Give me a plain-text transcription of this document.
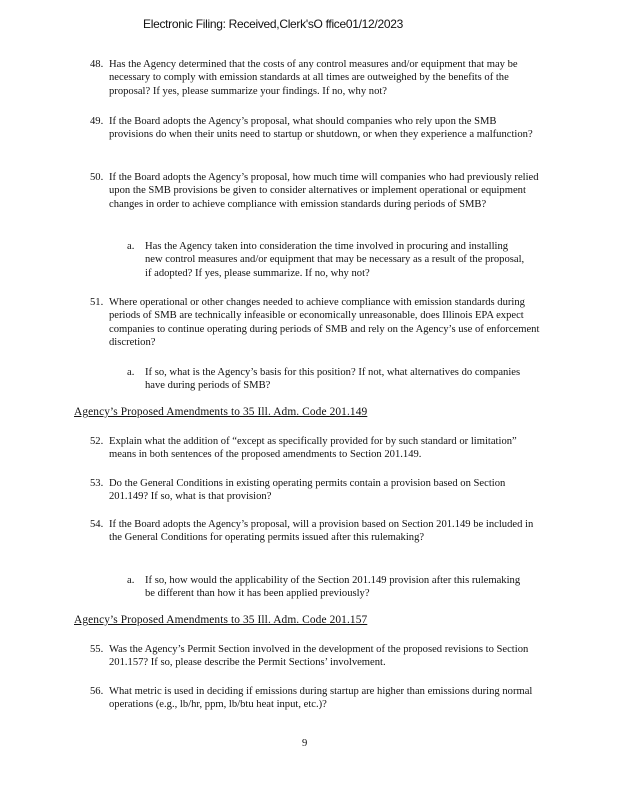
Electronic Filing: Received,Clerk'sO ffice01/12/2023
48. Has the Agency determined that the costs of any control measures and/or equipment that may be necessary to comply with emission standards at all times are outweighed by the benefits of the proposal? If yes, please summarize your findings. If no, why not?
49. If the Board adopts the Agency’s proposal, what should companies who rely upon the SMB provisions do when their units need to startup or shutdown, or when they experience a malfunction?
50. If the Board adopts the Agency’s proposal, how much time will companies who had previously relied upon the SMB provisions be given to consider alternatives or implement operational or equipment changes in order to achieve compliance with emission standards during periods of SMB?
a. Has the Agency taken into consideration the time involved in procuring and installing new control measures and/or equipment that may be necessary as a result of the proposal, if adopted? If yes, please summarize. If no, why not?
51. Where operational or other changes needed to achieve compliance with emission standards during periods of SMB are technically infeasible or economically unreasonable, does Illinois EPA expect companies to continue operating during periods of SMB and rely on the Agency’s use of enforcement discretion?
a. If so, what is the Agency’s basis for this position? If not, what alternatives do companies have during periods of SMB?
Agency’s Proposed Amendments to 35 Ill. Adm. Code 201.149
52. Explain what the addition of “except as specifically provided for by such standard or limitation” means in both sentences of the proposed amendments to Section 201.149.
53. Do the General Conditions in existing operating permits contain a provision based on Section 201.149? If so, what is that provision?
54. If the Board adopts the Agency’s proposal, will a provision based on Section 201.149 be included in the General Conditions for operating permits issued after this rulemaking?
a. If so, how would the applicability of the Section 201.149 provision after this rulemaking be different than how it has been applied previously?
Agency’s Proposed Amendments to 35 Ill. Adm. Code 201.157
55. Was the Agency’s Permit Section involved in the development of the proposed revisions to Section 201.157? If so, please describe the Permit Sections’ involvement.
56. What metric is used in deciding if emissions during startup are higher than emissions during normal operations (e.g., lb/hr, ppm, lb/btu heat input, etc.)?
9
